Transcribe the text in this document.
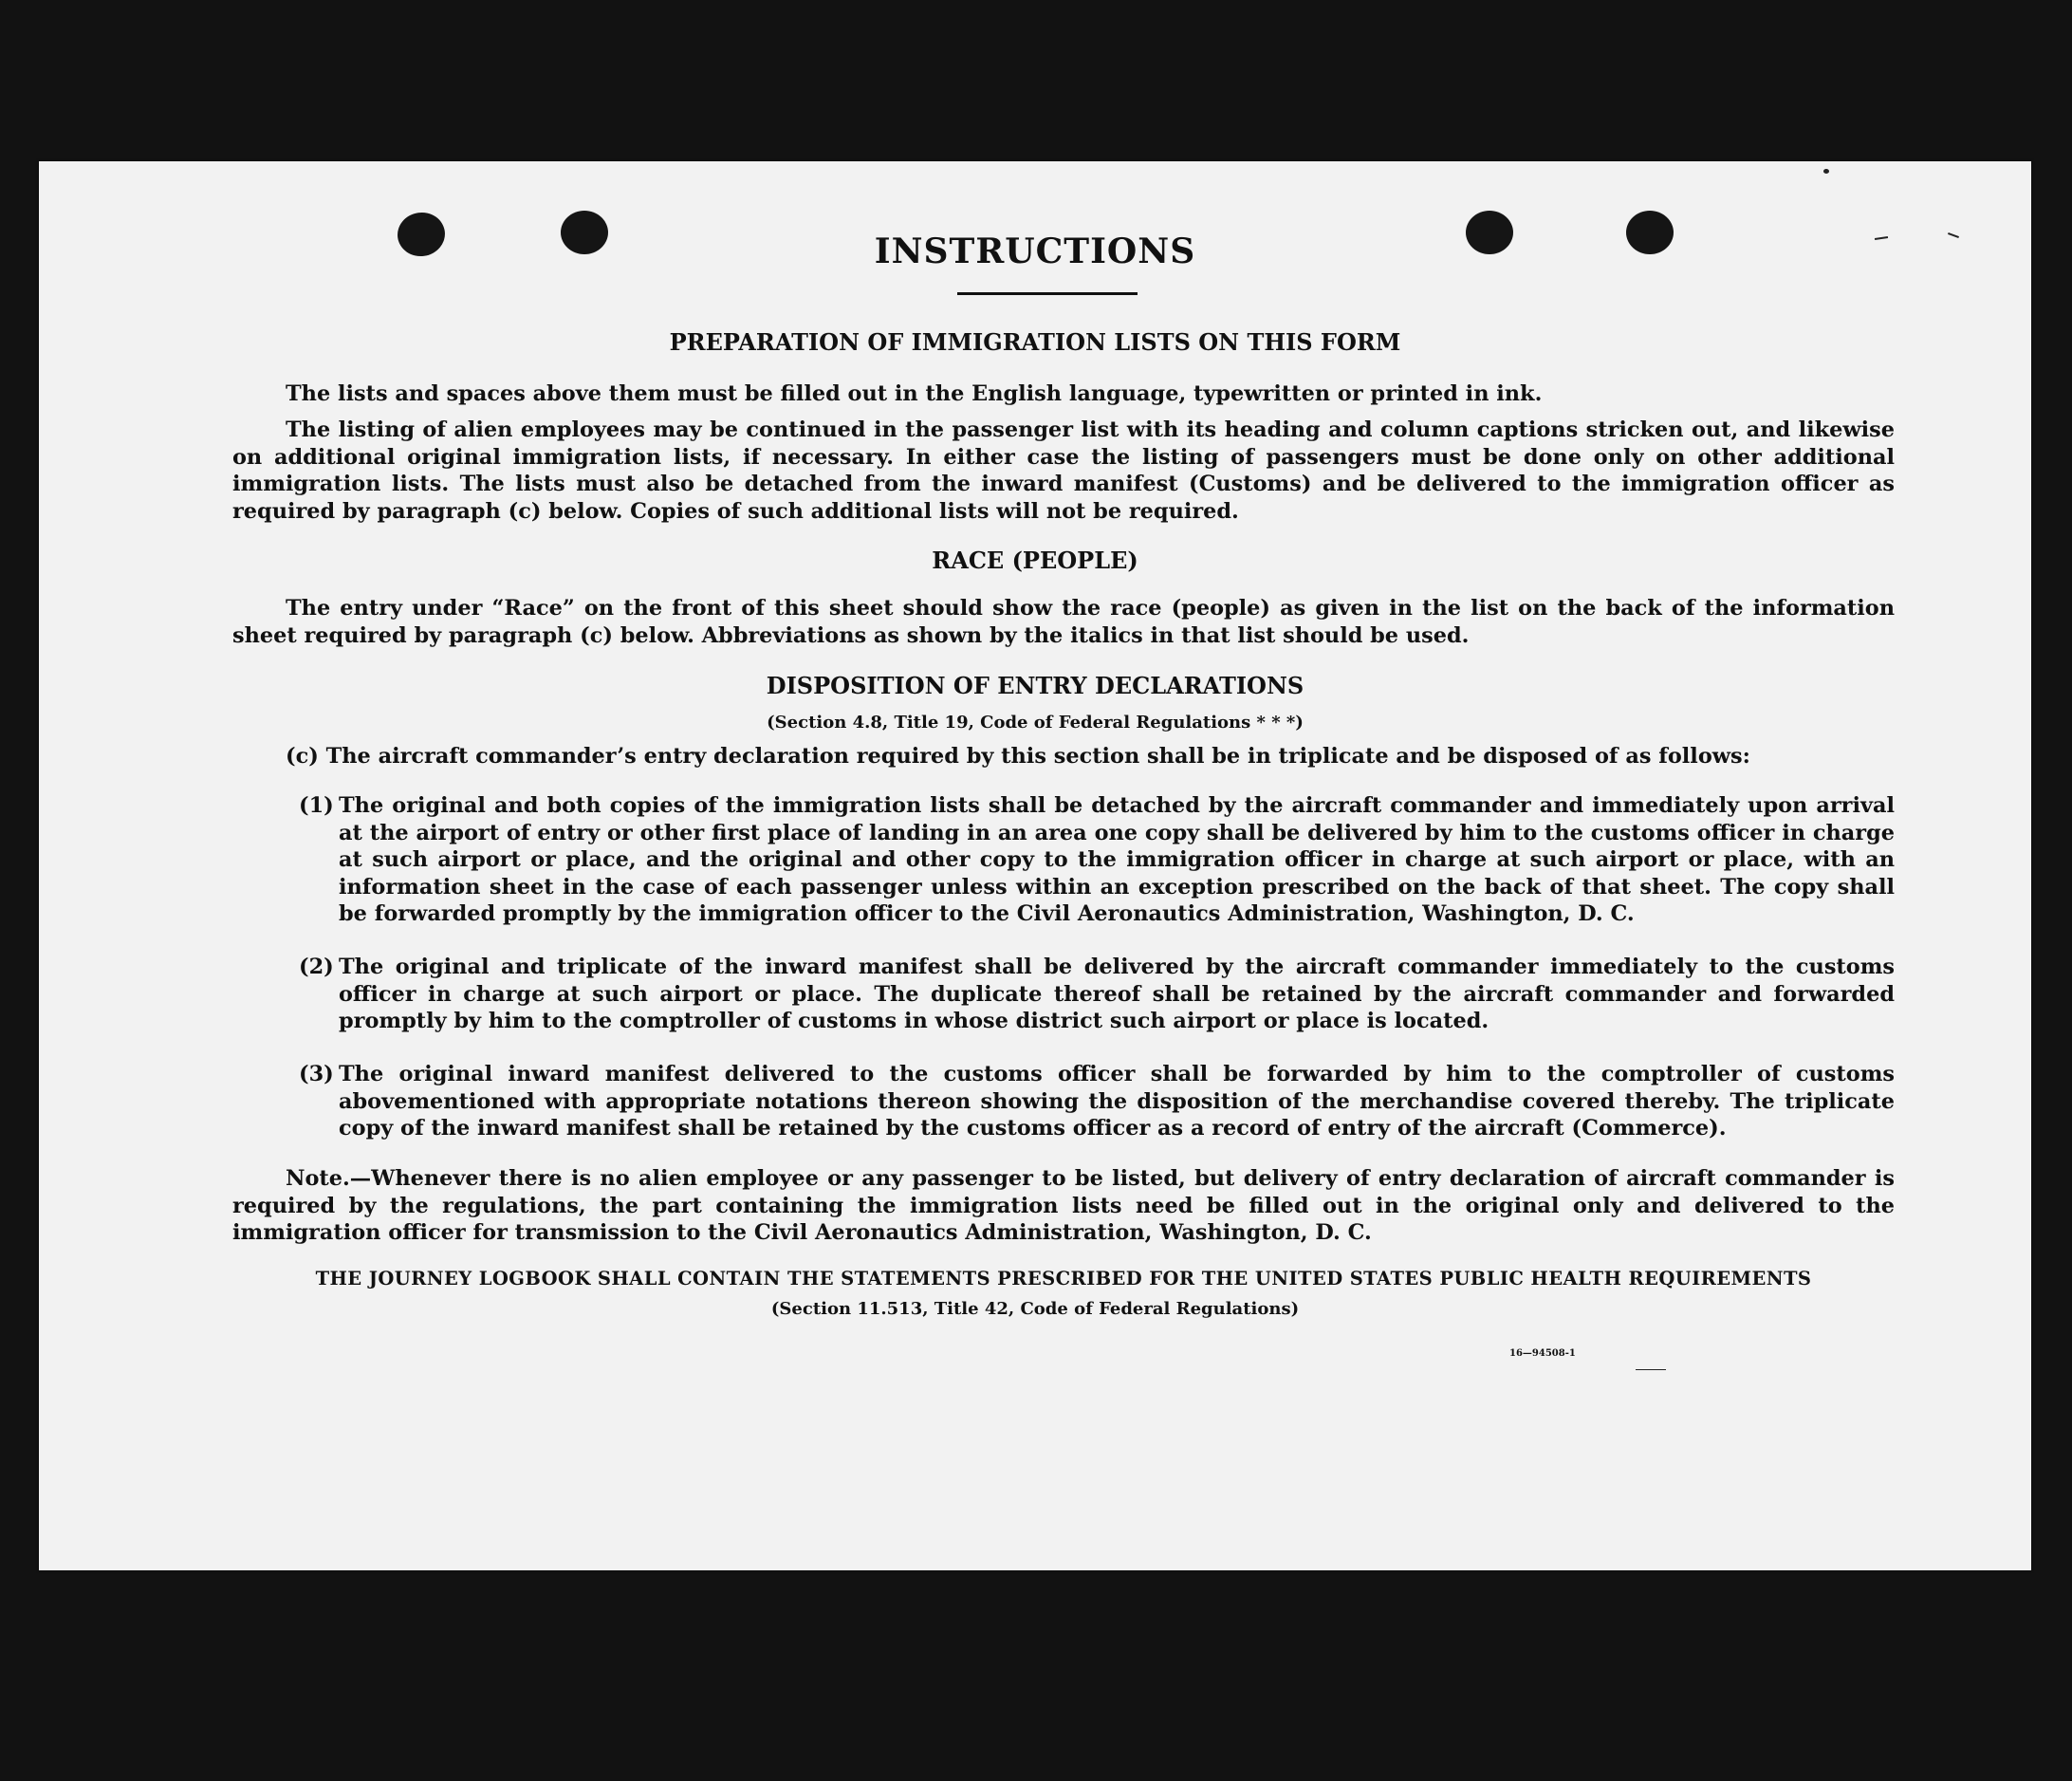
INSTRUCTIONS
PREPARATION OF IMMIGRATION LISTS ON THIS FORM
The lists and spaces above them must be filled out in the English language, typewritten or printed in ink.
The listing of alien employees may be continued in the passenger list with its heading and column captions stricken out, and likewise on additional original immigration lists, if necessary. In either case the listing of passengers must be done only on other additional immigration lists. The lists must also be detached from the inward manifest (Customs) and be delivered to the immigration officer as required by paragraph (c) below. Copies of such additional lists will not be required.
RACE (PEOPLE)
The entry under “Race” on the front of this sheet should show the race (people) as given in the list on the back of the information sheet required by paragraph (c) below. Abbreviations as shown by the italics in that list should be used.
DISPOSITION OF ENTRY DECLARATIONS
(Section 4.8, Title 19, Code of Federal Regulations * * *)
(c) The aircraft commander’s entry declaration required by this section shall be in triplicate and be disposed of as follows:
(1) The original and both copies of the immigration lists shall be detached by the aircraft commander and immediately upon arrival at the airport of entry or other first place of landing in an area one copy shall be delivered by him to the customs officer in charge at such airport or place, and the original and other copy to the immigration officer in charge at such airport or place, with an information sheet in the case of each passenger unless within an exception prescribed on the back of that sheet. The copy shall be forwarded promptly by the immigration officer to the Civil Aeronautics Administration, Washington, D. C.
(2) The original and triplicate of the inward manifest shall be delivered by the aircraft commander immediately to the customs officer in charge at such airport or place. The duplicate thereof shall be retained by the aircraft commander and forwarded promptly by him to the comptroller of customs in whose district such airport or place is located.
(3) The original inward manifest delivered to the customs officer shall be forwarded by him to the comptroller of customs abovementioned with appropriate notations thereon showing the disposition of the merchandise covered thereby. The triplicate copy of the inward manifest shall be retained by the customs officer as a record of entry of the aircraft (Commerce).
Note.—Whenever there is no alien employee or any passenger to be listed, but delivery of entry declaration of aircraft commander is required by the regulations, the part containing the immigration lists need be filled out in the original only and delivered to the immigration officer for transmission to the Civil Aeronautics Administration, Washington, D. C.
THE JOURNEY LOGBOOK SHALL CONTAIN THE STATEMENTS PRESCRIBED FOR THE UNITED STATES PUBLIC HEALTH REQUIREMENTS
(Section 11.513, Title 42, Code of Federal Regulations)
16—94508-1
